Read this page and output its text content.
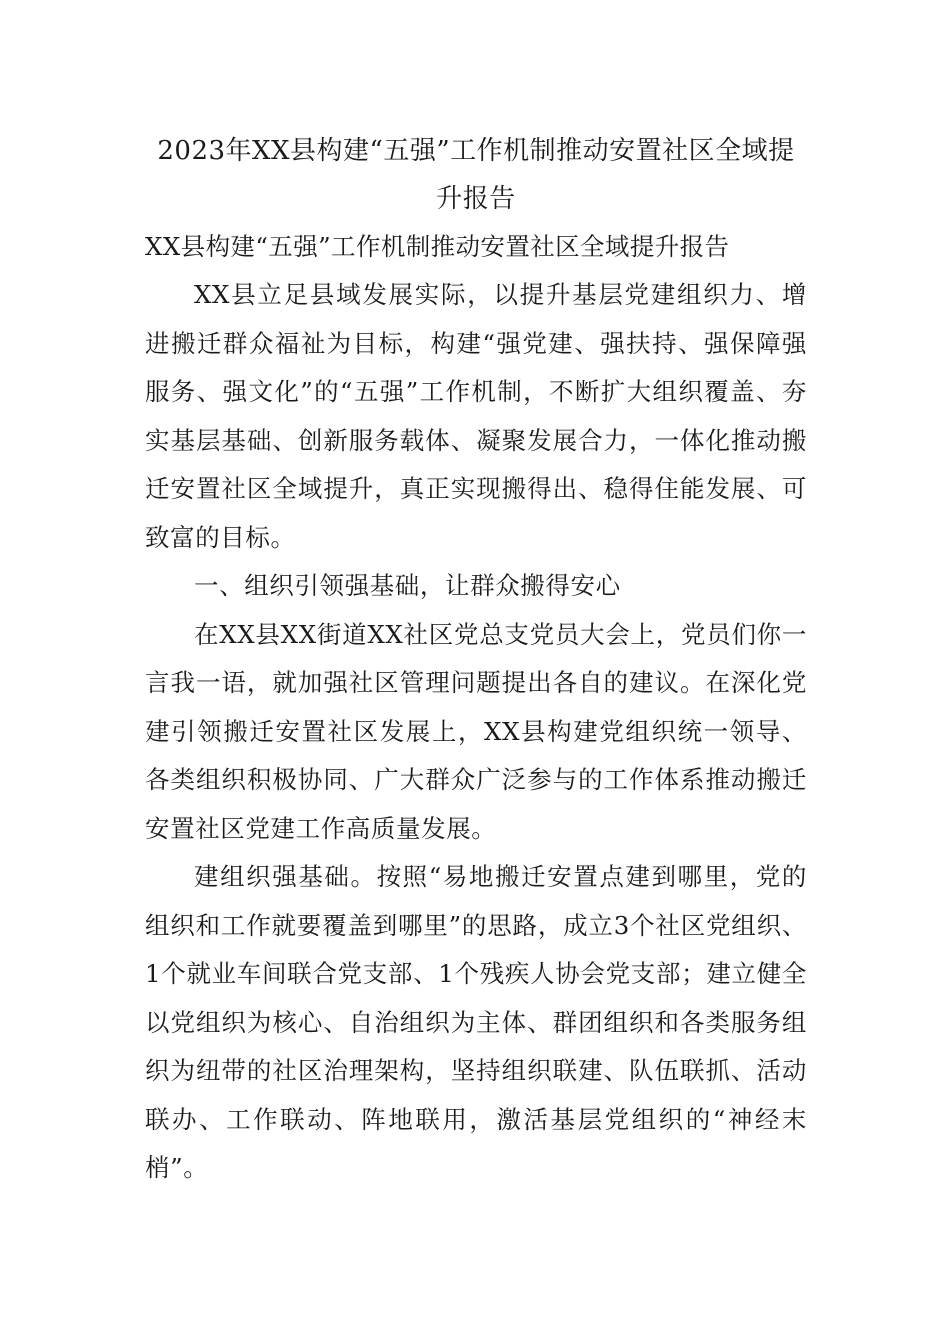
2023年XX县构建“五强”工作机制推动安置社区全域提升报告

XX县构建“五强”工作机制推动安置社区全域提升报告

XX县立足县域发展实际，以提升基层党建组织力、增进搬迁群众福祉为目标，构建“强党建、强扶持、强保障强服务、强文化”的“五强”工作机制，不断扩大组织覆盖、夯实基层基础、创新服务载体、凝聚发展合力，一体化推动搬迁安置社区全域提升，真正实现搬得出、稳得住能发展、可致富的目标。

一、组织引领强基础，让群众搬得安心

在XX县XX街道XX社区党总支党员大会上，党员们你一言我一语，就加强社区管理问题提出各自的建议。在深化党建引领搬迁安置社区发展上，XX县构建党组织统一领导、各类组织积极协同、广大群众广泛参与的工作体系推动搬迁安置社区党建工作高质量发展。

建组织强基础。按照“易地搬迁安置点建到哪里，党的组织和工作就要覆盖到哪里”的思路，成立3个社区党组织、1个就业车间联合党支部、1个残疾人协会党支部；建立健全以党组织为核心、自治组织为主体、群团组织和各类服务组织为纽带的社区治理架构，坚持组织联建、队伍联抓、活动联办、工作联动、阵地联用，激活基层党组织的“神经末梢”。
